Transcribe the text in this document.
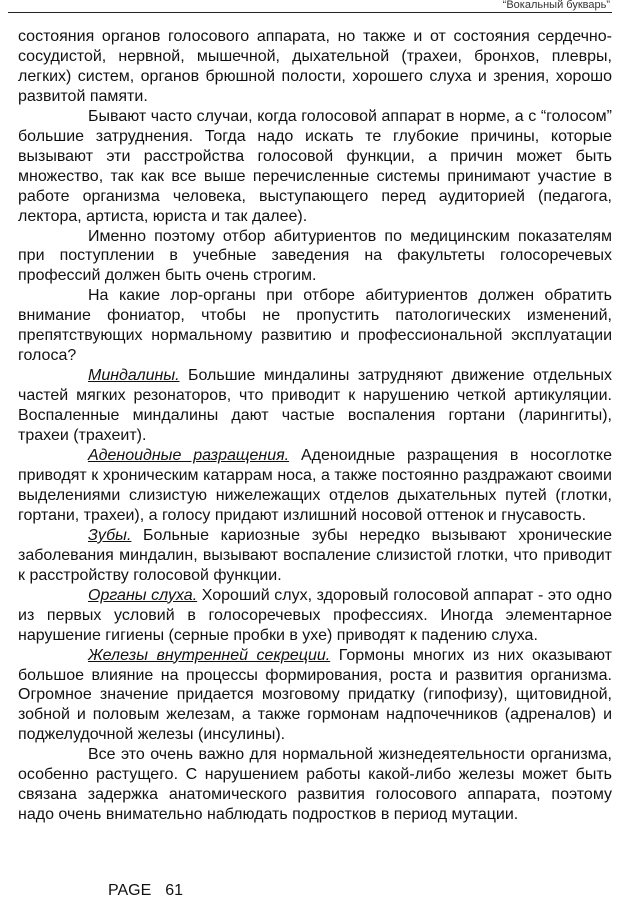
“Вокальный букварь”

состояния органов голосового аппарата, но также и от состояния сердечно-сосудистой, нервной, мышечной, дыхательной (трахеи, бронхов, плевры, легких) систем, органов брюшной полости, хорошего слуха и зрения, хорошо развитой памяти.

Бывают часто случаи, когда голосовой аппарат в норме, а с “голосом” большие затруднения. Тогда надо искать те глубокие причины, которые вызывают эти расстройства голосовой функции, а причин может быть множество, так как все выше перечисленные системы принимают участие в работе организма человека, выступающего перед аудиторией (педагога, лектора, артиста, юриста и так далее).

Именно поэтому отбор абитуриентов по медицинским показателям при поступлении в учебные заведения на факультеты голосоречевых профессий должен быть очень строгим.

На какие лор-органы при отборе абитуриентов должен обратить внимание фониатор, чтобы не пропустить патологических изменений, препятствующих нормальному развитию и профессиональной эксплуатации голоса?

Миндалины. Большие миндалины затрудняют движение отдельных частей мягких резонаторов, что приводит к нарушению четкой артикуляции. Воспаленные миндалины дают частые воспаления гортани (ларингиты), трахеи (трахеит).

Аденоидные разращения. Аденоидные разращения в носоглотке приводят к хроническим катаррам носа, а также постоянно раздражают своими выделениями слизистую нижележащих отделов дыхательных путей (глотки, гортани, трахеи), а голосу придают излишний носовой оттенок и гнусавость.

Зубы. Больные кариозные зубы нередко вызывают хронические заболевания миндалин, вызывают воспаление слизистой глотки, что приводит к расстройству голосовой функции.

Органы слуха. Хороший слух, здоровый голосовой аппарат - это одно из первых условий в голосоречевых профессиях. Иногда элементарное нарушение гигиены (серные пробки в ухе) приводят к падению слуха.

Железы внутренней секреции. Гормоны многих из них оказывают большое влияние на процессы формирования, роста и развития организма. Огромное значение придается мозговому придатку (гипофизу), щитовидной, зобной и половым железам, а также гормонам надпочечников (адреналов) и поджелудочной железы (инсулины).

Все это очень важно для нормальной жизнедеятельности организма, особенно растущего. С нарушением работы какой-либо железы может быть связана задержка анатомического развития голосового аппарата, поэтому надо очень внимательно наблюдать подростков в период мутации.

PAGE 61
